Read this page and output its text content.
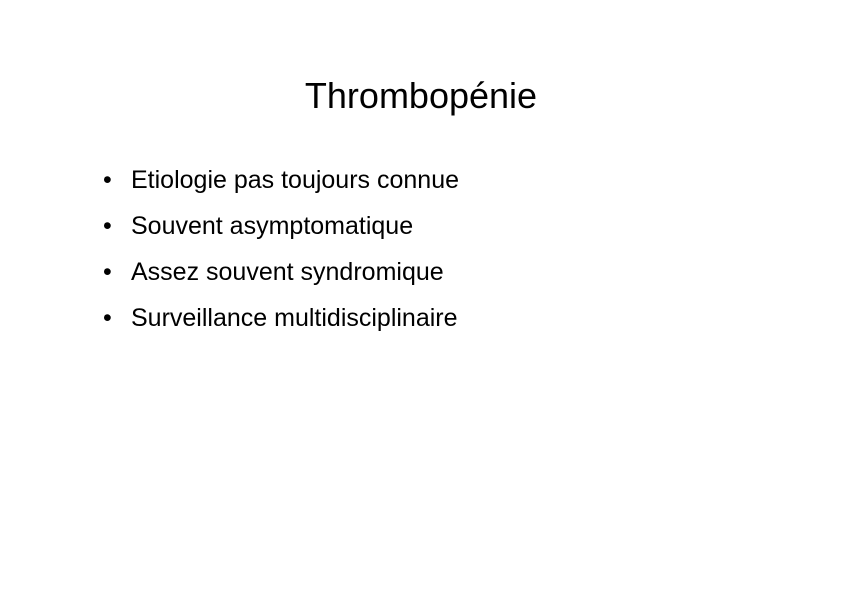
Thrombopénie
• Etiologie pas toujours connue
• Souvent asymptomatique
• Assez souvent syndromique
• Surveillance multidisciplinaire
